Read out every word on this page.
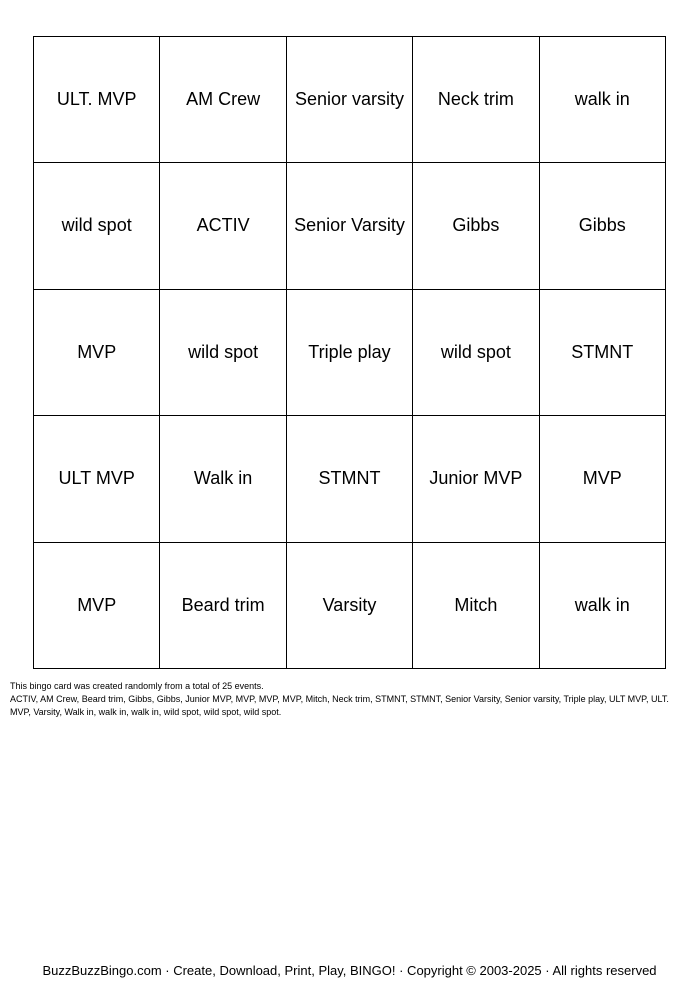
ULT. MVP	AM Crew	Senior varsity	Neck trim	walk in
wild spot	ACTIV	Senior Varsity	Gibbs	Gibbs
MVP	wild spot	Triple play	wild spot	STMNT
ULT MVP	Walk in	STMNT	Junior MVP	MVP
MVP	Beard trim	Varsity	Mitch	walk in

This bingo card was created randomly from a total of 25 events.

ACTIV, AM Crew, Beard trim, Gibbs, Gibbs, Junior MVP, MVP, MVP, MVP, Mitch, Neck trim, STMNT, STMNT, Senior Varsity, Senior varsity, Triple play, ULT MVP, ULT. MVP, Varsity, Walk in, walk in, walk in, wild spot, wild spot, wild spot.

BuzzBuzzBingo.com · Create, Download, Print, Play, BINGO! · Copyright © 2003-2025 · All rights reserved
